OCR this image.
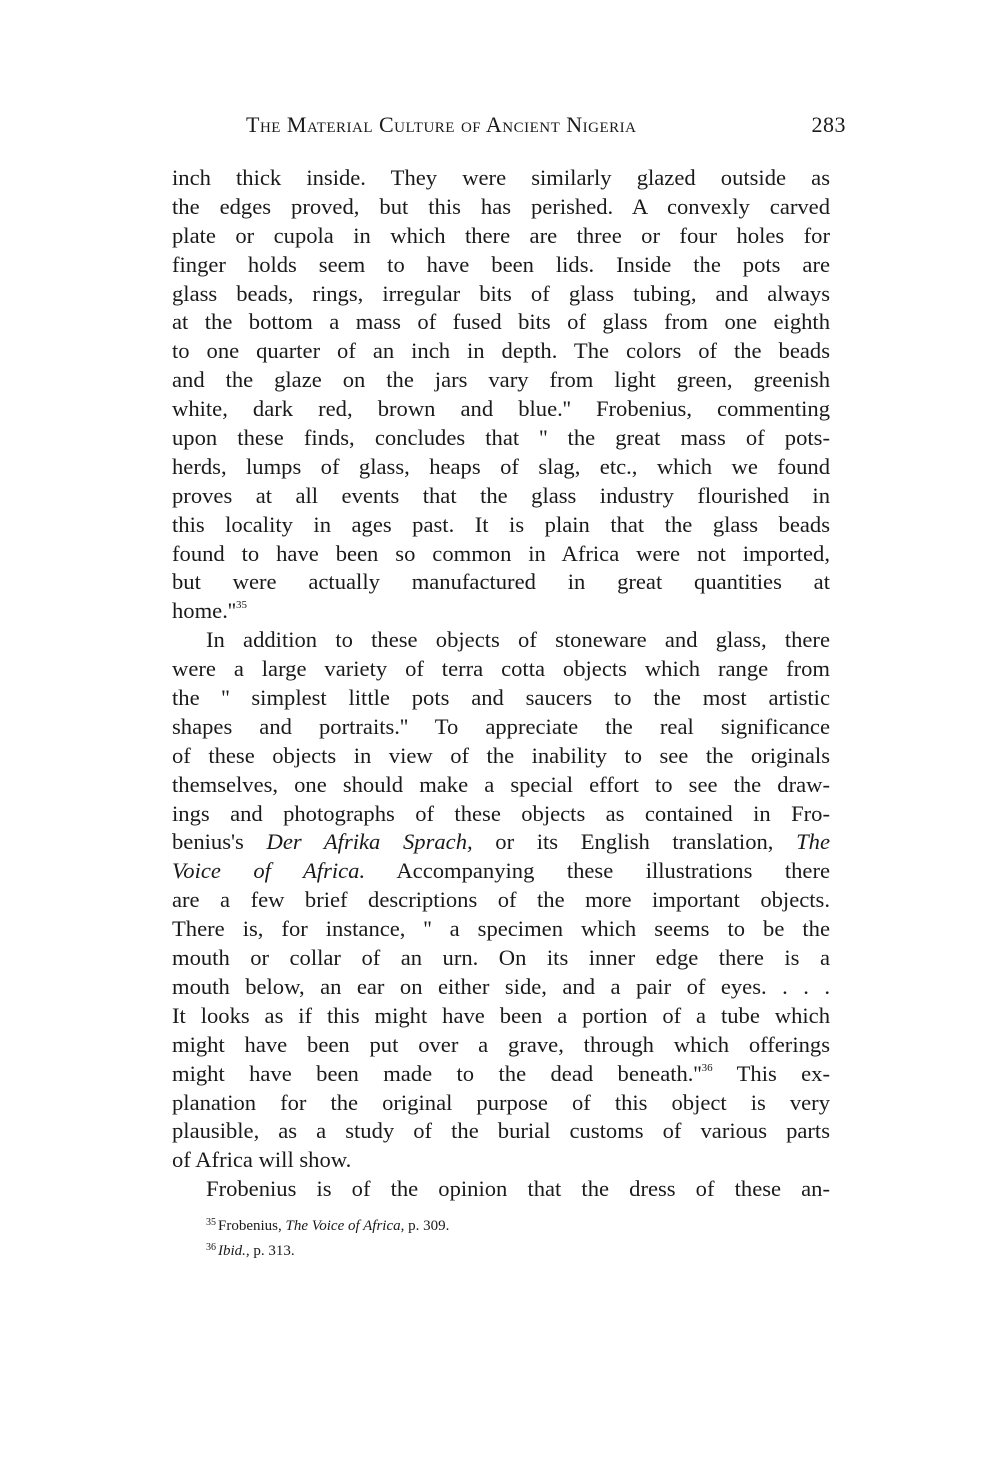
The Material Culture of Ancient Nigeria	283
inch thick inside. They were similarly glazed outside as
the edges proved, but this has perished. A convexly carved
plate or cupola in which there are three or four holes for
finger holds seem to have been lids. Inside the pots are
glass beads, rings, irregular bits of glass tubing, and always
at the bottom a mass of fused bits of glass from one eighth
to one quarter of an inch in depth. The colors of the beads
and the glaze on the jars vary from light green, greenish
white, dark red, brown and blue.'' Frobenius, commenting
upon these finds, concludes that '' the great mass of pots-
herds, lumps of glass, heaps of slag, etc., which we found
proves at all events that the glass industry flourished in
this locality in ages past. It is plain that the glass beads
found to have been so common in Africa were not imported,
but were actually manufactured in great quantities at
$home.''^{35}$
In addition to these objects of stoneware and glass, there
were a large variety of terra cotta objects which range from
the '' simplest little pots and saucers to the most artistic
shapes and portraits.'' To appreciate the real significance
of these objects in view of the inability to see the originals
themselves, one should make a special effort to see the draw-
ings and photographs of these objects as contained in Fro-
benius's Der Afrika Sprach, or its English translation, The
Voice of Africa. Accompanying these illustrations there
are a few brief descriptions of the more important objects.
There is, for instance, '' a specimen which seems to be the
mouth or collar of an urn. On its inner edge there is a
mouth below, an ear on either side, and a pair of eyes. . . .
It looks as if this might have been a portion of a tube which
might have been put over a grave, through which offerings
might have been made to the dead $beneath.''^{36}$ This ex-
planation for the original purpose of this object is very
plausible, as a study of the burial customs of various parts
of Africa will show.
Frobenius is of the opinion that the dress of these an-
$^{35}$ Frobenius, The Voice of Africa, p. 309.
$^{36}$ Ibid., p. 313.
